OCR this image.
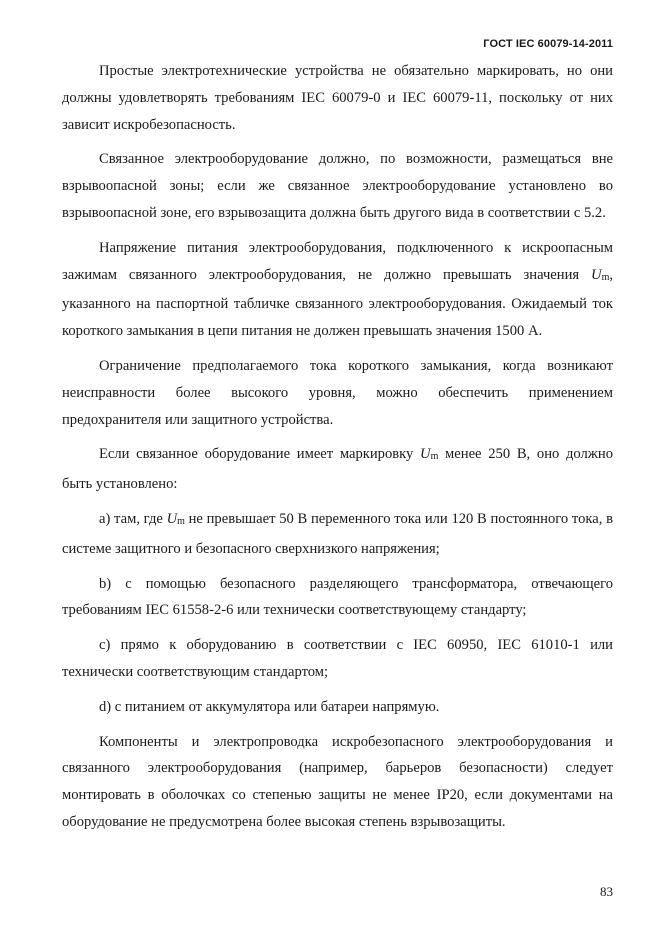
ГОСТ IEC 60079-14-2011

Простые электротехнические устройства не обязательно маркировать, но они должны удовлетворять требованиям IEC 60079-0 и IEC 60079-11, поскольку от них зависит искробезопасность.

Связанное электрооборудование должно, по возможности, размещаться вне взрывоопасной зоны; если же связанное электрооборудование установлено во взрывоопасной зоне, его взрывозащита должна быть другого вида в соответствии с 5.2.

Напряжение питания электрооборудования, подключенного к искроопасным зажимам связанного электрооборудования, не должно превышать значения Um, указанного на паспортной табличке связанного электрооборудования. Ожидаемый ток короткого замыкания в цепи питания не должен превышать значения 1500 А.

Ограничение предполагаемого тока короткого замыкания, когда возникают неисправности более высокого уровня, можно обеспечить применением предохранителя или защитного устройства.

Если связанное оборудование имеет маркировку Um менее 250 В, оно должно быть установлено:

а) там, где Um не превышает 50 В переменного тока или 120 В постоянного тока, в системе защитного и безопасного сверхнизкого напряжения;

b) с помощью безопасного разделяющего трансформатора, отвечающего требованиям IEC 61558-2-6 или технически соответствующему стандарту;

c) прямо к оборудованию в соответствии с IEC 60950, IEC 61010-1 или технически соответствующим стандартом;

d) с питанием от аккумулятора или батареи напрямую.

Компоненты и электропроводка искробезопасного электрооборудования и связанного электрооборудования (например, барьеров безопасности) следует монтировать в оболочках со степенью защиты не менее IP20, если документами на оборудование не предусмотрена более высокая степень взрывозащиты.

83
